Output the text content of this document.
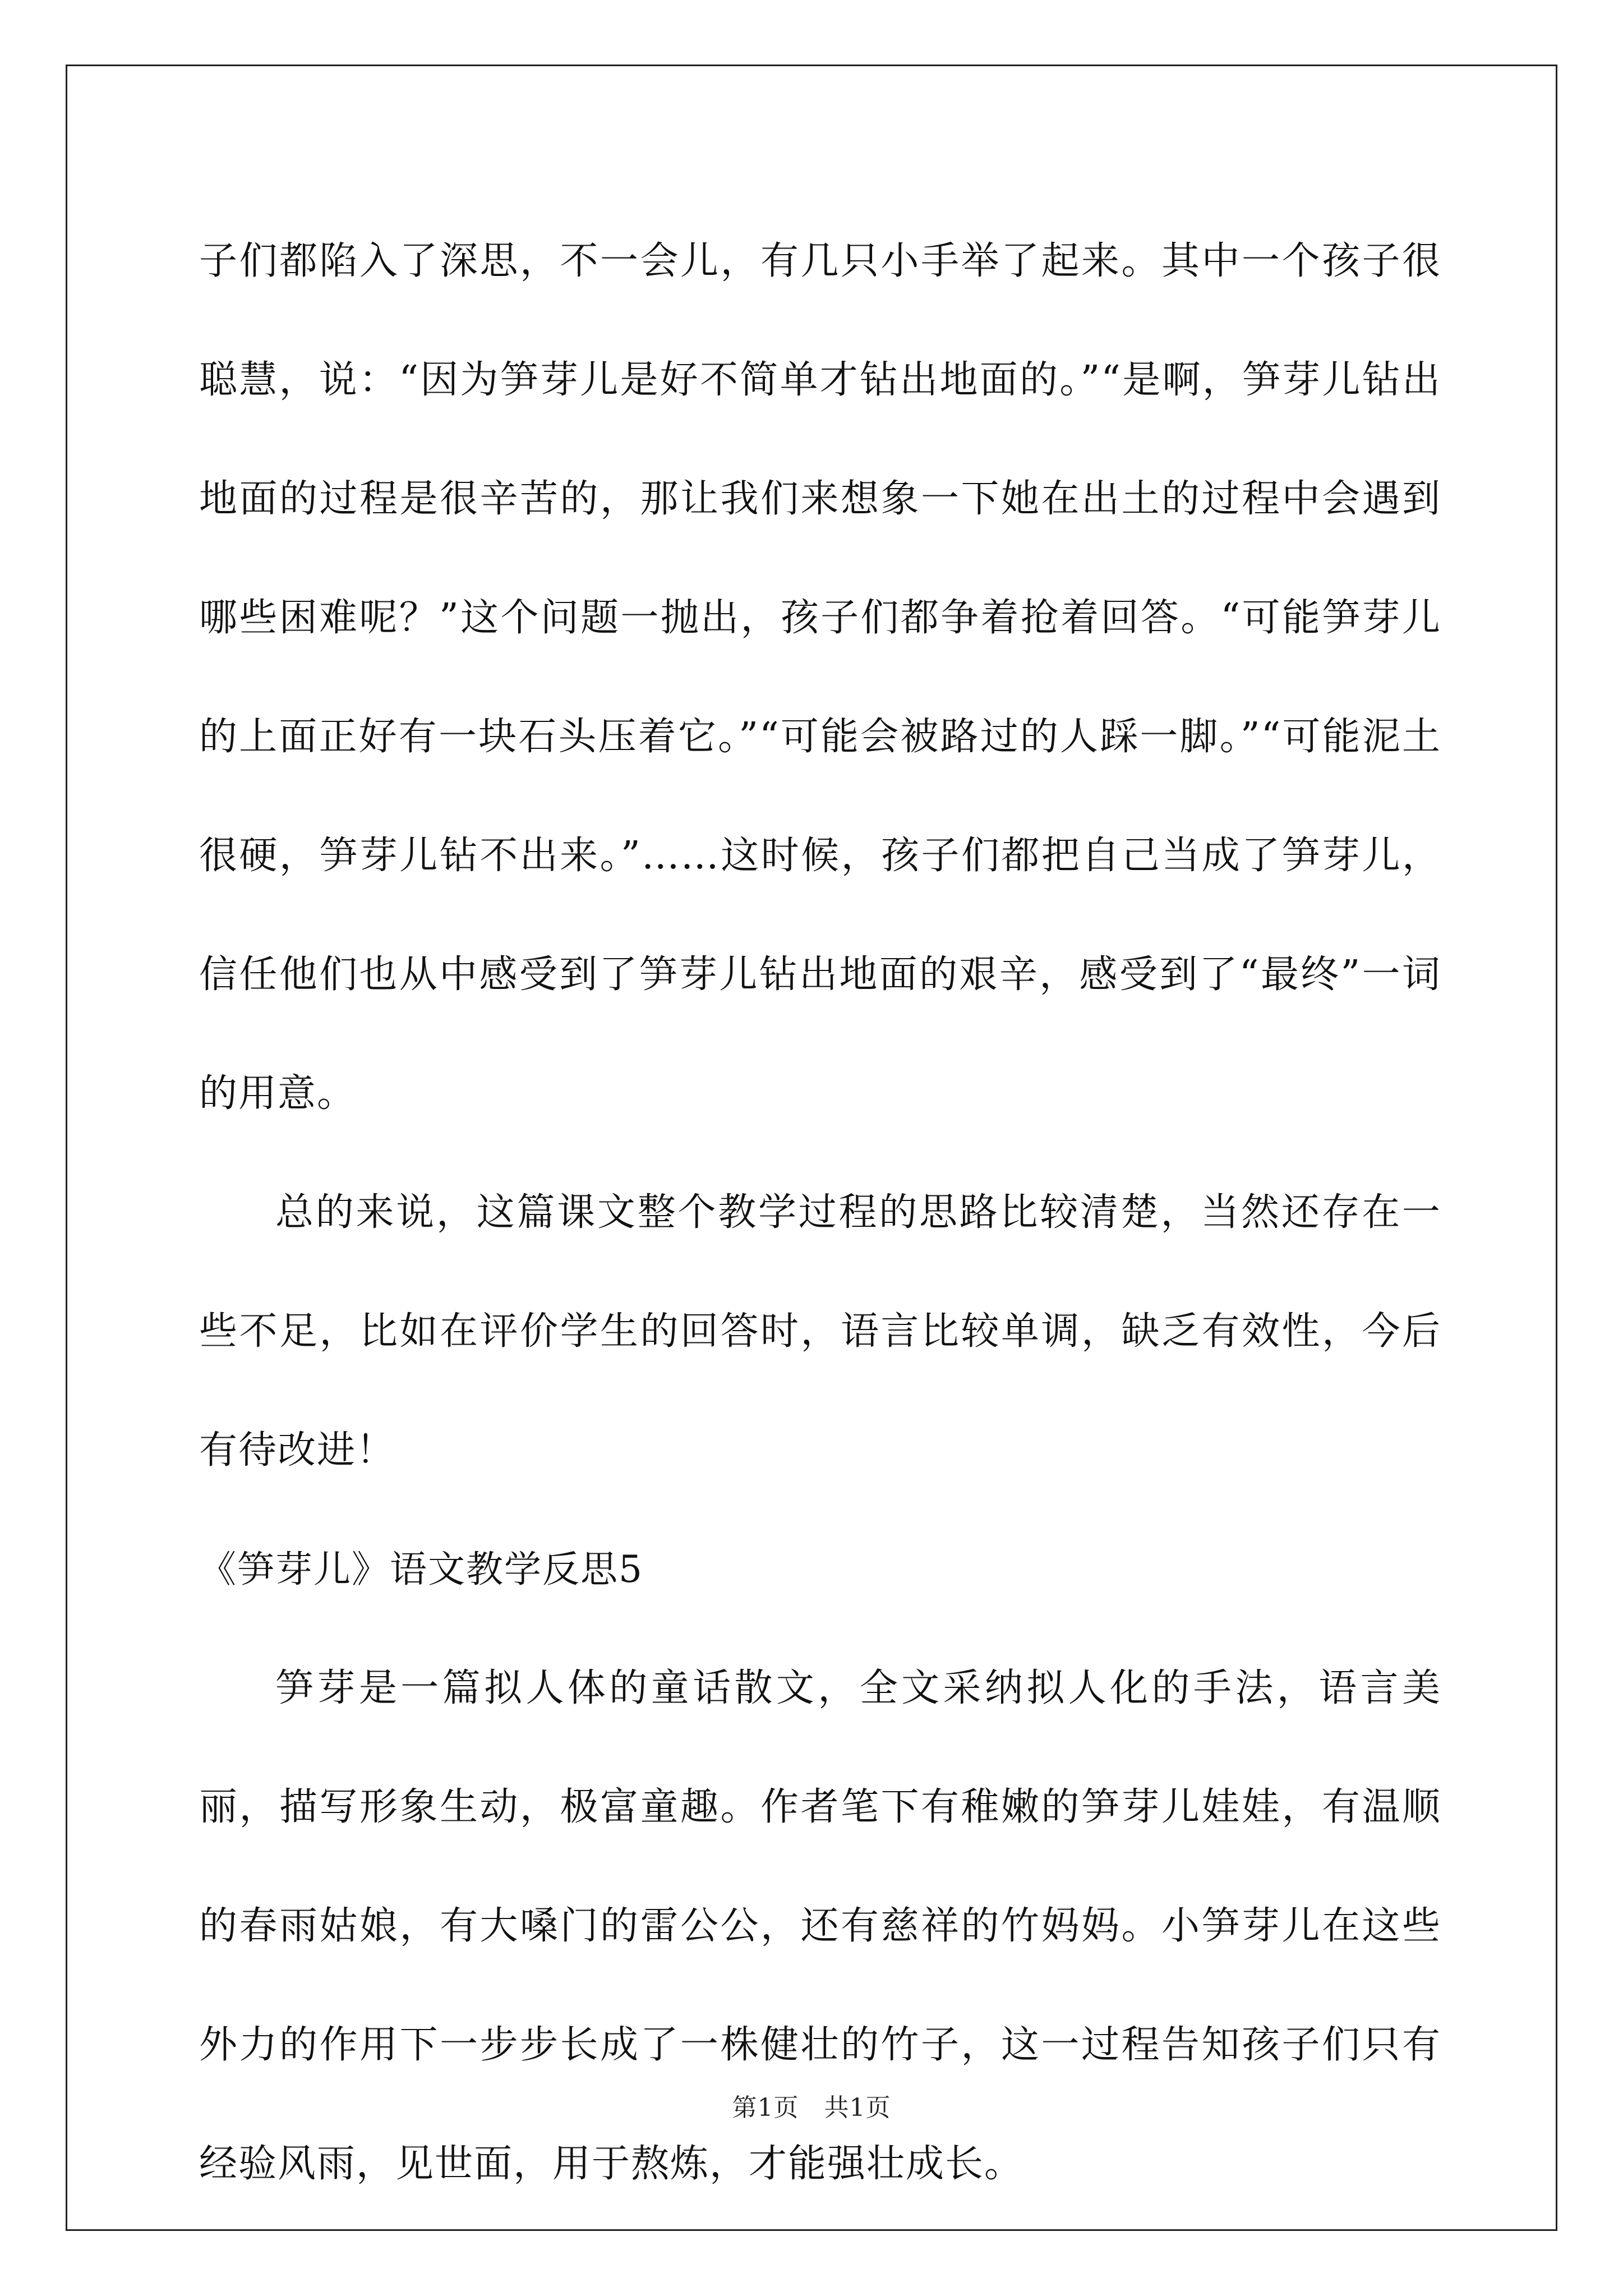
子们都陷入了深思，不一会儿，有几只小手举了起来。其中一个孩子很聪慧，说：“因为笋芽儿是好不简单才钻出地面的。”“是啊，笋芽儿钻出地面的过程是很辛苦的，那让我们来想象一下她在出土的过程中会遇到哪些困难呢？”这个问题一抛出，孩子们都争着抢着回答。“可能笋芽儿的上面正好有一块石头压着它。”“可能会被路过的人踩一脚。”“可能泥土很硬，笋芽儿钻不出来。”……这时候，孩子们都把自己当成了笋芽儿，信任他们也从中感受到了笋芽儿钻出地面的艰辛，感受到了“最终”一词的用意。

总的来说，这篇课文整个教学过程的思路比较清楚，当然还存在一些不足，比如在评价学生的回答时，语言比较单调，缺乏有效性，今后有待改进！

《笋芽儿》语文教学反思5

笋芽是一篇拟人体的童话散文，全文采纳拟人化的手法，语言美丽，描写形象生动，极富童趣。作者笔下有稚嫩的笋芽儿娃娃，有温顺的春雨姑娘，有大嗓门的雷公公，还有慈祥的竹妈妈。小笋芽儿在这些外力的作用下一步步长成了一株健壮的竹子，这一过程告知孩子们只有经验风雨，见世面，用于熬炼，才能强壮成长。

第1页　共1页
